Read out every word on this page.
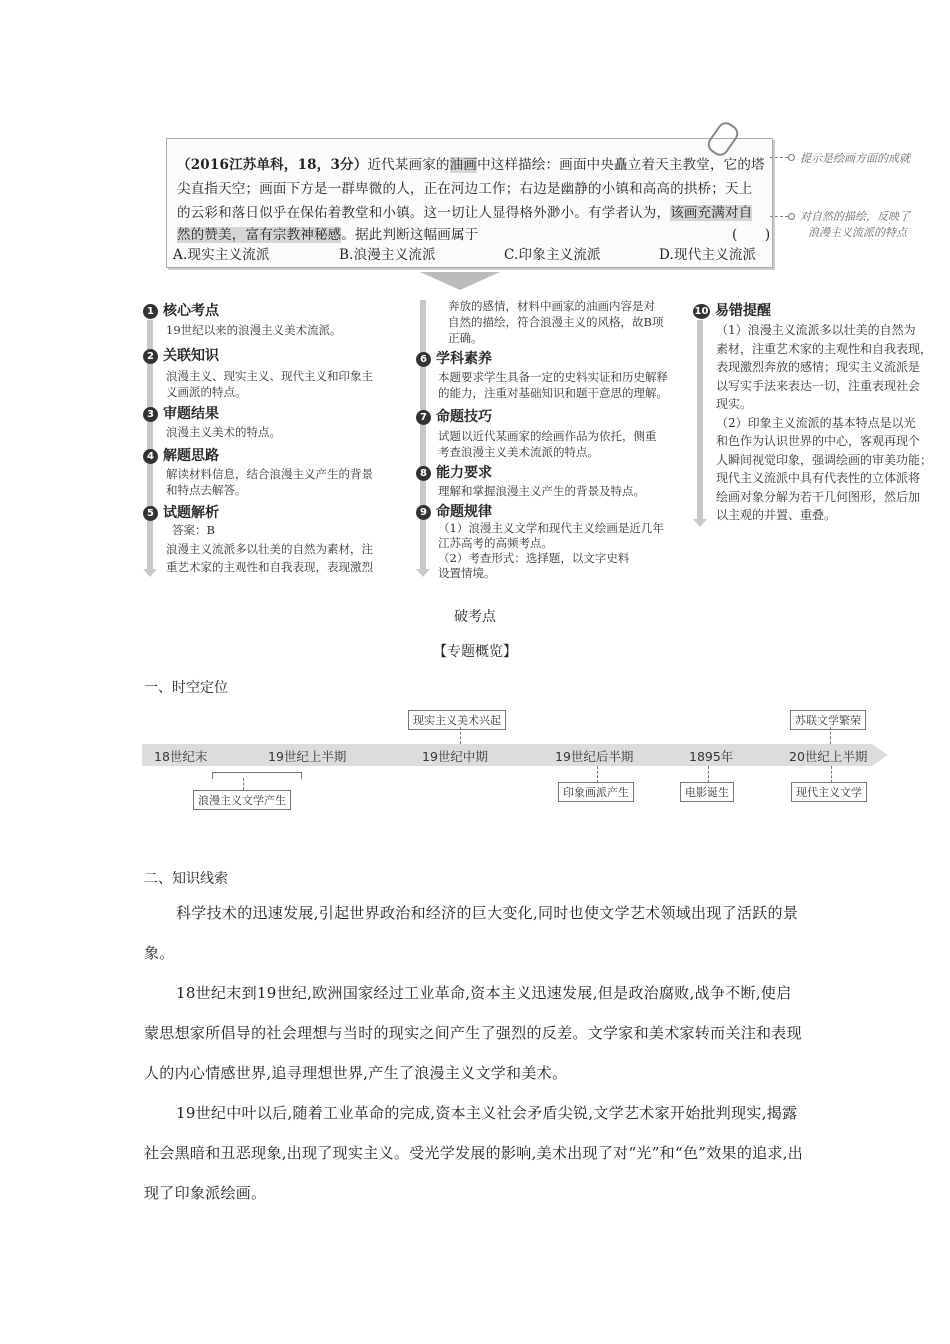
（2016江苏单科，18，3分）近代某画家的油画中这样描绘：画面中央矗立着天主教堂，它的塔
尖直指天空；画面下方是一群卑微的人，正在河边工作；右边是幽静的小镇和高高的拱桥；天上
的云彩和落日似乎在保佑着教堂和小镇。这一切让人显得格外渺小。有学者认为，该画充满对自
然的赞美，富有宗教神秘感。据此判断这幅画属于	(　　)
A.现实主义流派	B.浪漫主义流派	C.印象主义流派	D.现代主义流派
提示是绘画方面的成就
对自然的描绘，反映了
浪漫主义流派的特点
1 核心考点
19世纪以来的浪漫主义美术流派。
2 关联知识
浪漫主义、现实主义、现代主义和印象主
义画派的特点。
3 审题结果
浪漫主义美术的特点。
4 解题思路
解读材料信息，结合浪漫主义产生的背景
和特点去解答。
5 试题解析
答案：B
浪漫主义流派多以壮美的自然为素材，注
重艺术家的主观性和自我表现，表现激烈
奔放的感情，材料中画家的油画内容是对
自然的描绘，符合浪漫主义的风格，故B项
正确。
6 学科素养
本题要求学生具备一定的史料实证和历史解释
的能力，注重对基础知识和题干意思的理解。
7 命题技巧
试题以近代某画家的绘画作品为依托，侧重
考查浪漫主义美术流派的特点。
8 能力要求
理解和掌握浪漫主义产生的背景及特点。
9 命题规律
（1）浪漫主义文学和现代主义绘画是近几年
江苏高考的高频考点。
（2）考查形式：选择题，以文字史料
设置情境。
10 易错提醒
（1）浪漫主义流派多以壮美的自然为
素材，注重艺术家的主观性和自我表现，
表现激烈奔放的感情；现实主义流派是
以写实手法来表达一切，注重表现社会
现实。
（2）印象主义流派的基本特点是以光
和色作为认识世界的中心，客观再现个
人瞬间视觉印象，强调绘画的审美功能；
现代主义流派中具有代表性的立体派将
绘画对象分解为若干几何图形，然后加
以主观的并置、重叠。
破考点
【专题概览】
一、时空定位
18世纪末	19世纪上半期	19世纪中期	19世纪后半期	1895年	20世纪上半期
现实主义美术兴起	苏联文学繁荣
浪漫主义文学产生
印象画派产生	电影诞生	现代主义文学
二、知识线索

科学技术的迅速发展,引起世界政治和经济的巨大变化,同时也使文学艺术领域出现了活跃的景象。

18世纪末到19世纪,欧洲国家经过工业革命,资本主义迅速发展,但是政治腐败,战争不断,使启蒙思想家所倡导的社会理想与当时的现实之间产生了强烈的反差。文学家和美术家转而关注和表现人的内心情感世界,追寻理想世界,产生了浪漫主义文学和美术。

19世纪中叶以后,随着工业革命的完成,资本主义社会矛盾尖锐,文学艺术家开始批判现实,揭露社会黑暗和丑恶现象,出现了现实主义。受光学发展的影响,美术出现了对“光”和“色”效果的追求,出现了印象派绘画。
